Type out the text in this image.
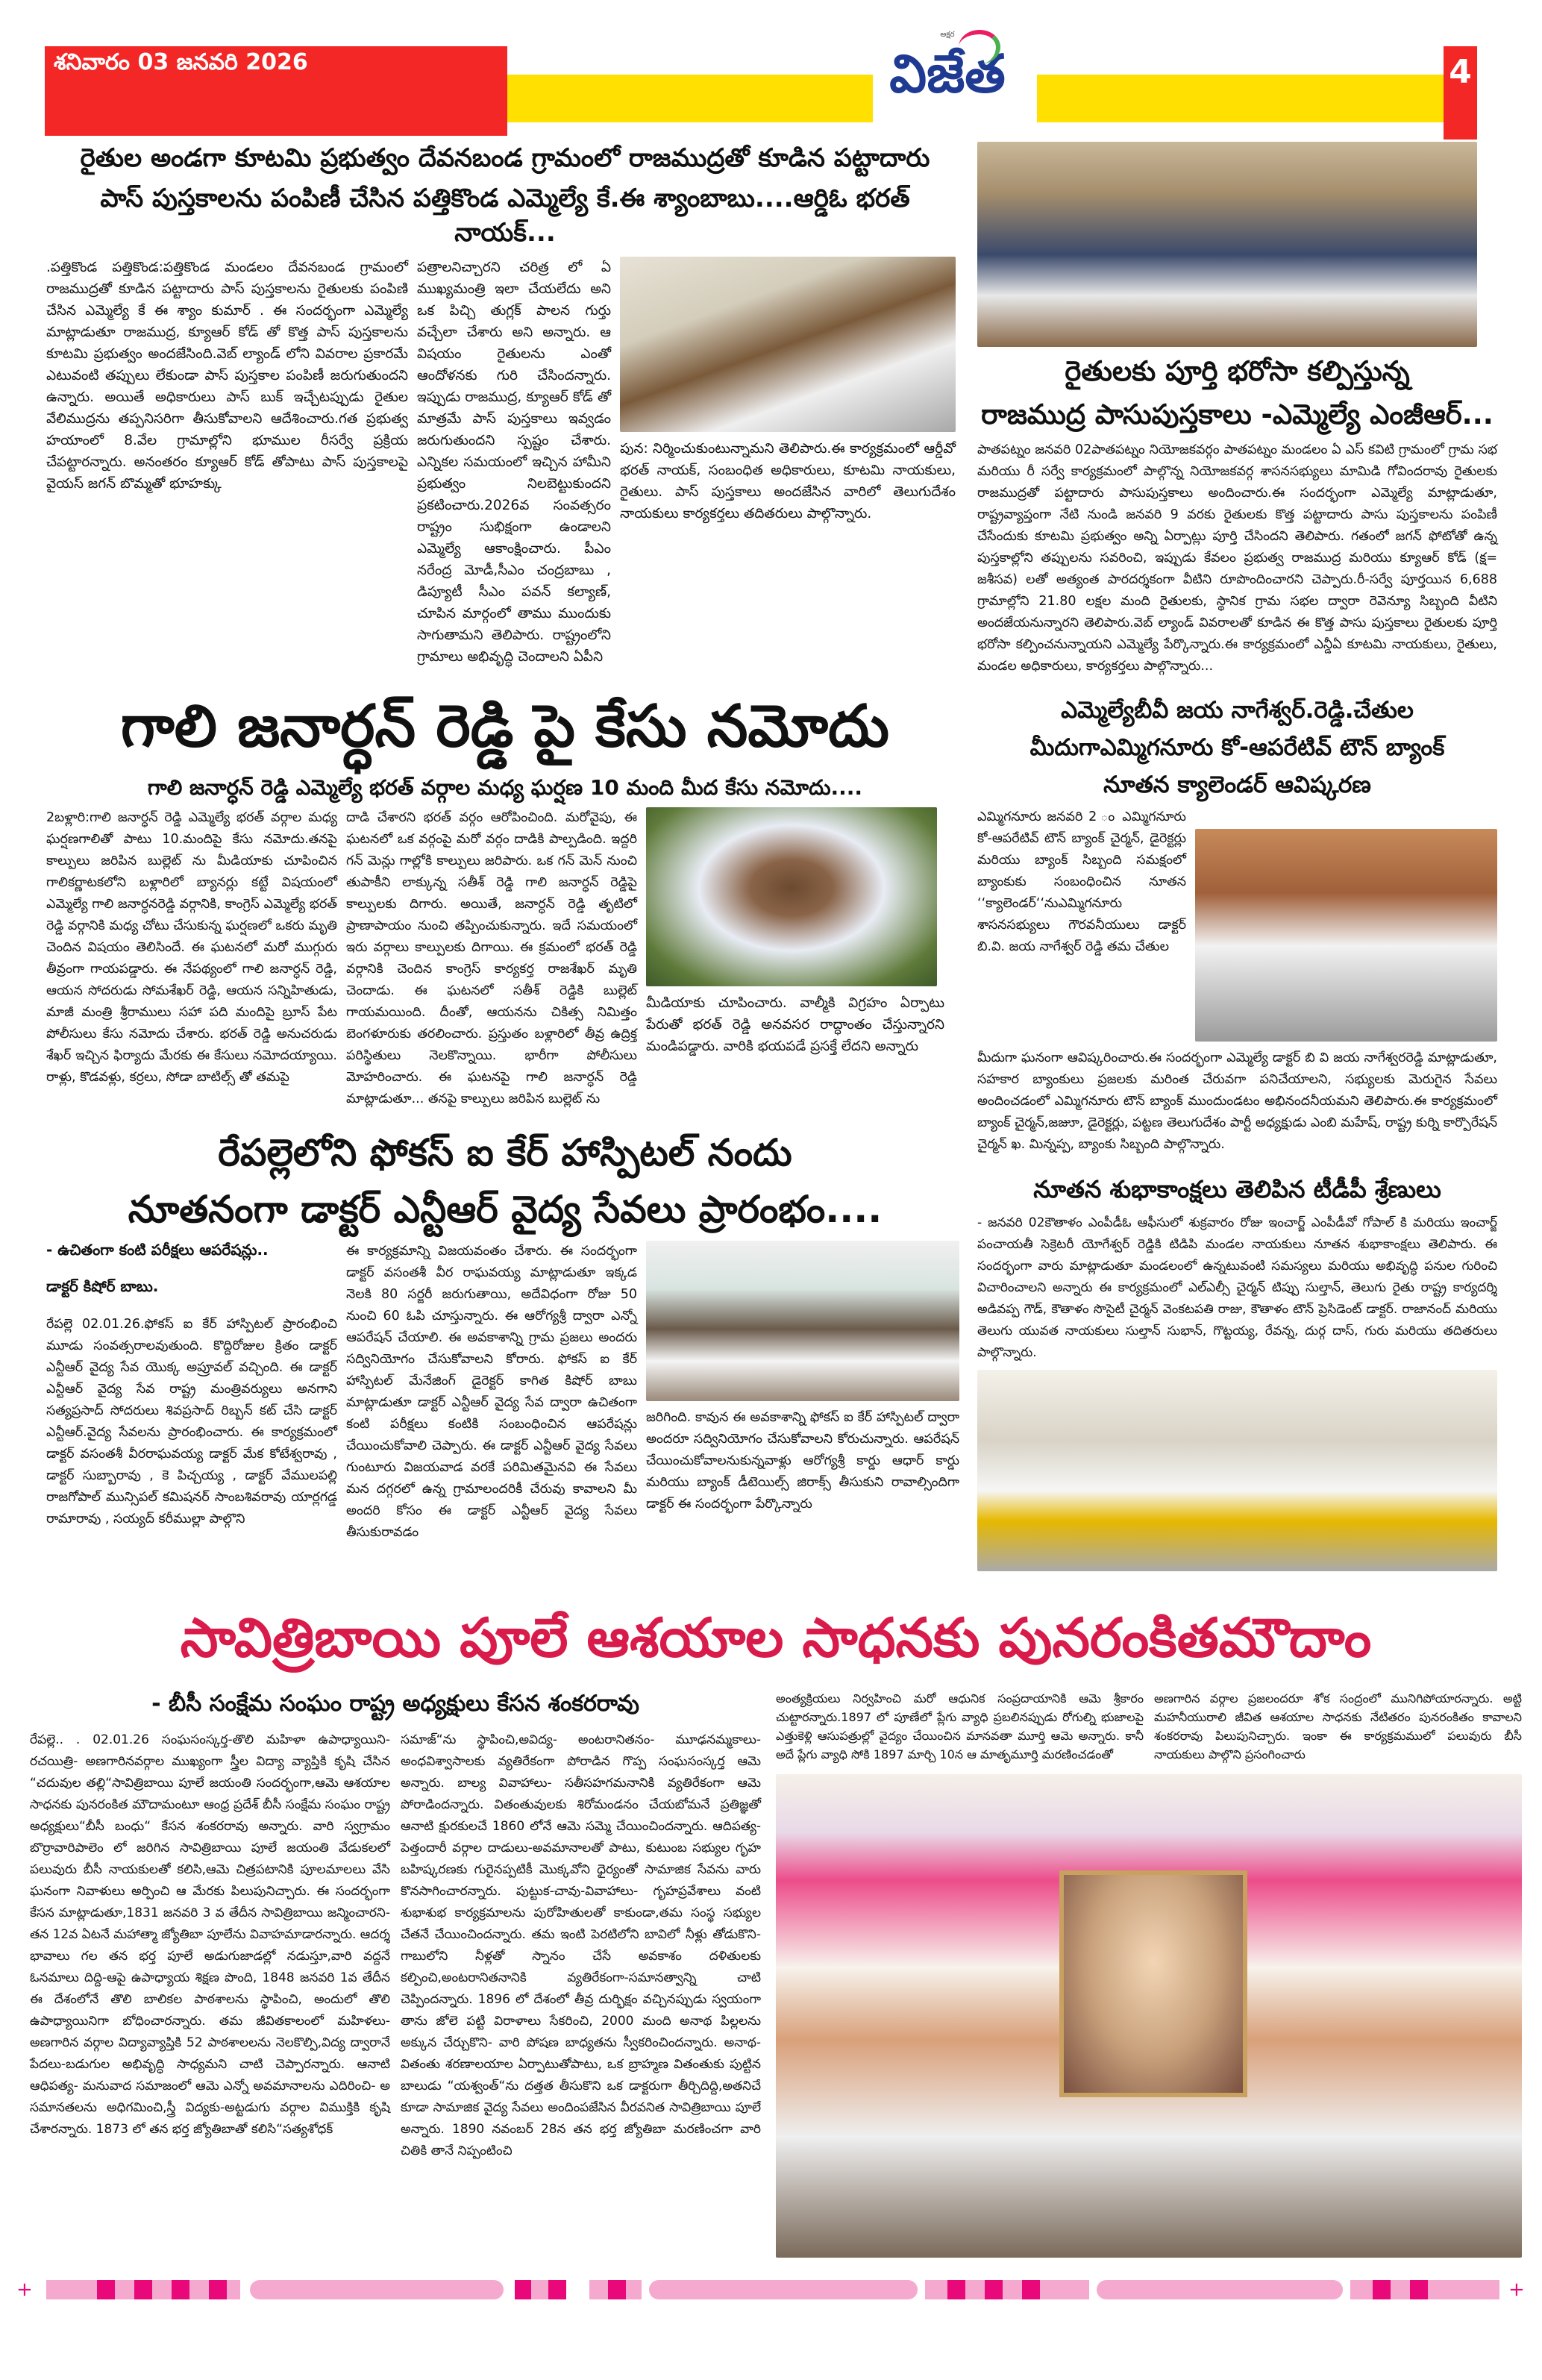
శనివారం 03 జనవరి 2026
అక్షర
విజేత	4
రైతుల అండగా కూటమి ప్రభుత్వం దేవనబండ గ్రామంలో రాజముద్రతో కూడిన పట్టాదారు
పాస్ పుస్తకాలను పంపిణీ చేసిన పత్తికొండ ఎమ్మెల్యే కే.ఈ శ్యాంబాబు....ఆర్డిఓ భరత్ నాయక్...
.పత్తికొండ పత్తికొండ:పత్తికొండ మండలం దేవనబండ గ్రామంలో రాజముద్రతో కూడిన పట్టాదారు పాస్ పుస్తకాలను రైతులకు పంపిణి చేసిన ఎమ్మెల్యే కే ఈ శ్యాం కుమార్ . ఈ సందర్భంగా ఎమ్మెల్యే మాట్లాడుతూ రాజముద్ర, క్యూఆర్ కోడ్ తో కొత్త పాస్ పుస్తకాలను కూటమి ప్రభుత్వం అందజేసింది.వెబ్ ల్యాండ్ లోని వివరాల ప్రకారమే ఎటువంటి తప్పులు లేకుండా పాస్ పుస్తకాల పంపిణీ జరుగుతుందని ఉన్నారు. అయితే అధికారులు పాస్ బుక్ ఇచ్చేటప్పుడు రైతుల వేలిముద్రను తప్పనిసరిగా తీసుకోవాలని ఆదేశించారు.గత ప్రభుత్వ హయాంలో 8.వేల గ్రామాల్లోని భూముల రీసర్వే ప్రక్రియ చేపట్టారన్నారు. అనంతరం క్యూఆర్ కోడ్ తోపాటు పాస్ పుస్తకాలపై వైయస్ జగన్ బొమ్మతో భూహక్కు
పత్రాలనిచ్చారని చరిత్ర లో ఏ ముఖ్యమంత్రి ఇలా చేయలేదు అని ఒక పిచ్చి తుగ్లక్ పాలన గుర్తు వచ్చేలా చేశారు అని అన్నారు. ఆ విషయం రైతులను ఎంతో ఆందోళనకు గురి చేసిందన్నారు. ఇప్పుడు రాజముద్ర, క్యూఆర్ కోడ్ తో మాత్రమే పాస్ పుస్తకాలు ఇవ్వడం జరుగుతుందని స్పష్టం చేశారు. ఎన్నికల సమయంలో ఇచ్చిన హామీని ప్రభుత్వం నిలబెట్టుకుందని ప్రకటించారు.2026వ సంవత్సరం రాష్ట్రం సుభిక్షంగా ఉండాలని ఎమ్మెల్యే ఆకాంక్షించారు. పీఎం నరేంద్ర మోడీ,సీఎం చంద్రబాబు , డిప్యూటీ సీఎం పవన్ కల్యాణ్, చూపిన మార్గంలో తాము ముందుకు సాగుతామని తెలిపారు. రాష్ట్రంలోని గ్రామాలు అభివృద్ధి చెందాలని ఏపీని
పున: నిర్మించుకుంటున్నామని తెలిపారు.ఈ కార్యక్రమంలో ఆర్డీవో భరత్ నాయక్, సంబంధిత అధికారులు, కూటమి నాయకులు, రైతులు. పాస్ పుస్తకాలు అందజేసిన వారిలో తెలుగుదేశం నాయకులు కార్యకర్తలు తదితరులు పాల్గొన్నారు.
గాలి జనార్ధన్ రెడ్డి పై కేసు నమోదు
గాలి జనార్ధన్ రెడ్డి ఎమ్మెల్యే భరత్ వర్గాల మధ్య ఘర్షణ 10 మంది మీద కేసు నమోదు....
2బళ్లారి:గాలి జనార్ధన్ రెడ్డి ఎమ్మెల్యే భరత్ వర్గాల మధ్య ఘర్షణగాలితో పాటు 10.మందిపై కేసు నమోదు.తనపై కాల్పులు జరిపిన బుల్లెట్ ను మీడియాకు చూపించిన గాలికర్ణాటకలోని బళ్లారిలో బ్యానర్లు కట్టే విషయంలో ఎమ్మెల్యే గాలి జనార్ధనరెడ్డి వర్గానికి, కాంగ్రెస్ ఎమ్మెల్యే భరత్ రెడ్డి వర్గానికి మధ్య చోటు చేసుకున్న ఘర్షణలో ఒకరు మృతి చెందిన విషయం తెలిసిందే. ఈ ఘటనలో మరో ముగ్గురు తీవ్రంగా గాయపడ్డారు. ఈ నేపథ్యంలో గాలి జనార్ధన్ రెడ్డి, ఆయన సోదరుడు సోమశేఖర్ రెడ్డి, ఆయన సన్నిహితుడు, మాజీ మంత్రి శ్రీరాములు సహా పది మందిపై బ్రూస్ పేట పోలీసులు కేసు నమోదు చేశారు. భరత్ రెడ్డి అనుచరుడు శేఖర్ ఇచ్చిన ఫిర్యాదు మేరకు ఈ కేసులు నమోదయ్యాయి. రాళ్లు, కొడవళ్లు, కర్రలు, సోడా బాటిల్స్ తో తమపై
దాడి చేశారని భరత్ వర్గం ఆరోపించింది. మరోవైపు, ఈ ఘటనలో ఒక వర్గంపై మరో వర్గం దాడికి పాల్పడింది. ఇద్దరి గన్ మెన్లు గాల్లోకి కాల్పులు జరిపారు. ఒక గన్ మెన్ నుంచి తుపాకీని లాక్కున్న సతీశ్ రెడ్డి గాలి జనార్ధన్ రెడ్డిపై కాల్పులకు దిగారు. అయితే, జనార్ధన్ రెడ్డి తృటిలో ప్రాణాపాయం నుంచి తప్పించుకున్నారు. ఇదే సమయంలో ఇరు వర్గాలు కాల్పులకు దిగాయి. ఈ క్రమంలో భరత్ రెడ్డి వర్గానికి చెందిన కాంగ్రెస్ కార్యకర్త రాజశేఖర్ మృతి చెందాడు. ఈ ఘటనలో సతీశ్ రెడ్డికి బుల్లెట్ గాయమయింది. దీంతో, ఆయనను చికిత్స నిమిత్తం బెంగళూరుకు తరలించారు. ప్రస్తుతం బళ్లారిలో తీవ్ర ఉద్రిక్త పరిస్థితులు నెలకొన్నాయి. భారీగా పోలీసులు మోహరించారు. ఈ ఘటనపై గాలి జనార్ధన్ రెడ్డి మాట్లాడుతూ... తనపై కాల్పులు జరిపిన బుల్లెట్ ను
మీడియాకు చూపించారు. వాల్మీకి విగ్రహం ఏర్పాటు పేరుతో భరత్ రెడ్డి అనవసర రాద్ధాంతం చేస్తున్నారని మండిపడ్డారు. వారికి భయపడే ప్రసక్తే లేదని అన్నారు
రేపల్లెలోని ఫోకస్ ఐ కేర్ హాస్పిటల్ నందు
నూతనంగా డాక్టర్ ఎన్టీఆర్ వైద్య సేవలు ప్రారంభం....
- ఉచితంగా కంటి పరీక్షలు ఆపరేషన్లు..
డాక్టర్ కిషోర్ బాబు.
రేపల్లె 02.01.26.ఫోకస్ ఐ కేర్ హాస్పిటల్ ప్రారంభించి మూడు సంవత్సరాలవుతుంది. కొద్దిరోజుల క్రితం డాక్టర్ ఎన్టీఆర్ వైద్య సేవ యొక్క అప్రూవల్ వచ్చింది. ఈ డాక్టర్ ఎన్టీఆర్ వైద్య సేవ రాష్ట్ర మంత్రివర్యులు అనగాని సత్యప్రసాద్ సోదరులు శివప్రసాద్ రిబ్బన్ కట్ చేసి డాక్టర్ ఎన్టీఆర్.వైద్య సేవలను ప్రారంభించారు. ఈ కార్యక్రమంలో డాక్టర్ వసంతశీ వీరరాఘవయ్య డాక్టర్ మేక కోటేశ్వరావు , డాక్టర్ సుబ్బారావు , కె పిచ్చయ్య , డాక్టర్ వేములపల్లి రాజగోపాల్ మున్సిపల్ కమిషనర్ సాంబశివరావు యార్లగడ్డ రామారావు , సయ్యద్ కరీముల్లా పాల్గొని
ఈ కార్యక్రమాన్ని విజయవంతం చేశారు. ఈ సందర్భంగా డాక్టర్ వసంతశీ వీర రాఘవయ్య మాట్లాడుతూ ఇక్కడ నెలకి 80 సర్జరీ జరుగుతాయి, అదేవిధంగా రోజు 50 నుంచి 60 ఓపి చూస్తున్నారు. ఈ ఆరోగ్యశ్రీ ద్వారా ఎన్నో ఆపరేషన్ చేయాలి. ఈ అవకాశాన్ని గ్రామ ప్రజలు అందరు సద్వినియోగం చేసుకోవాలని కోరారు. ఫోకస్ ఐ కేర్ హాస్పిటల్ మేనేజింగ్ డైరెక్టర్ కాగిత కిషోర్ బాబు మాట్లాడుతూ డాక్టర్ ఎన్టీఆర్ వైద్య సేవ ద్వారా ఉచితంగా కంటి పరీక్షలు కంటికి సంబంధించిన ఆపరేషన్లు చేయించుకోవాలి చెప్పారు. ఈ డాక్టర్ ఎన్టీఆర్ వైద్య సేవలు గుంటూరు విజయవాడ వరకే పరిమితమైనవి ఈ సేవలు మన దగ్గరలో ఉన్న గ్రామాలందరికీ చేరువు కావాలని మీ అందరి కోసం ఈ డాక్టర్ ఎన్టీఆర్ వైద్య సేవలు తీసుకురావడం
జరిగింది. కావున ఈ అవకాశాన్ని ఫోకస్ ఐ కేర్ హాస్పిటల్ ద్వారా అందరూ సద్వినియోగం చేసుకోవాలని కోరుచున్నారు. ఆపరేషన్ చేయించుకోవాలనుకున్నవాళ్లు ఆరోగ్యశ్రీ కార్డు ఆధార్ కార్డు మరియు బ్యాంక్ డీటెయిల్స్ జిరాక్స్ తీసుకుని రావాల్సిందిగా డాక్టర్ ఈ సందర్భంగా పేర్కొన్నారు
రైతులకు పూర్తి భరోసా కల్పిస్తున్న
రాజముద్ర పాసుపుస్తకాలు -ఎమ్మెల్యే ఎంజీఆర్...
పాతపట్నం జనవరి 02పాతపట్నం నియోజకవర్గం పాతపట్నం మండలం ఏ ఎస్ కవిటి గ్రామంలో గ్రామ సభ మరియు రీ సర్వే కార్యక్రమంలో పాల్గొన్న నియోజకవర్గ శాసనసభ్యులు మామిడి గోవిందరావు రైతులకు రాజముద్రతో పట్టాదారు పాసుపుస్తకాలు అందించారు.ఈ సందర్భంగా ఎమ్మెల్యే మాట్లాడుతూ, రాష్ట్రవ్యాప్తంగా నేటి నుండి జనవరి 9 వరకు రైతులకు కొత్త పట్టాదారు పాసు పుస్తకాలను పంపిణీ చేసేందుకు కూటమి ప్రభుత్వం అన్ని ఏర్పాట్లు పూర్తి చేసిందని తెలిపారు. గతంలో జగన్ ఫోటోతో ఉన్న పుస్తకాల్లోని తప్పులను సవరించి, ఇప్పుడు కేవలం ప్రభుత్వ రాజముద్ర మరియు క్యూఆర్ కోడ్ (క్ష= జశీసవ) లతో అత్యంత పారదర్శకంగా వీటిని రూపొందించారని చెప్పారు.రీ-సర్వే పూర్తయిన 6,688 గ్రామాల్లోని 21.80 లక్షల మంది రైతులకు, స్థానిక గ్రామ సభల ద్వారా రెవెన్యూ సిబ్బంది వీటిని అందజేయనున్నారని తెలిపారు.వెబ్ ల్యాండ్ వివరాలతో కూడిన ఈ కొత్త పాసు పుస్తకాలు రైతులకు పూర్తి భరోసా కల్పించనున్నాయని ఎమ్మెల్యే పేర్కొన్నారు.ఈ కార్యక్రమంలో ఎన్డీఏ కూటమి నాయకులు, రైతులు, మండల అధికారులు, కార్యకర్తలు పాల్గొన్నారు...
ఎమ్మెల్యేబీవీ జయ నాగేశ్వర్.రెడ్డి.చేతుల
మీదుగాఎమ్మిగనూరు కో-ఆపరేటివ్ టౌన్ బ్యాంక్
నూతన క్యాలెండర్ ఆవిష్కరణ
ఎమ్మిగనూరు జనవరి 2 ం ఎమ్మిగనూరు కో-ఆపరేటివ్ టౌన్ బ్యాంక్ చైర్మన్, డైరెక్టర్లు మరియు బ్యాంక్ సిబ్బంది సమక్షంలో బ్యాంకుకు సంబంధించిన నూతన ‘‘క్యాలెండర్‘‘నుఎమ్మిగనూరు శాసనసభ్యులు గౌరవనీయులు డాక్టర్ బి.వి. జయ నాగేశ్వర్ రెడ్డి తమ చేతుల
మీదుగా ఘనంగా ఆవిష్కరించారు.ఈ సందర్భంగా ఎమ్మెల్యే డాక్టర్ బి వి జయ నాగేశ్వరరెడ్డి మాట్లాడుతూ, సహకార బ్యాంకులు ప్రజలకు మరింత చేరువగా పనిచేయాలని, సభ్యులకు మెరుగైన సేవలు అందించడంలో ఎమ్మిగనూరు టౌన్ బ్యాంక్ ముందుండటం అభినందనీయమని తెలిపారు.ఈ కార్యక్రమంలో బ్యాంక్ చైర్మన్,జజుూ, డైరెక్టర్లు, పట్టణ తెలుగుదేశం పార్టీ అధ్యక్షుడు ఎంబి మహేష్, రాష్ట్ర కుర్ని కార్పొరేషన్ చైర్మన్ ఖ. మిన్నప్ప, బ్యాంకు సిబ్బంది పాల్గొన్నారు.
నూతన శుభాకాంక్షలు తెలిపిన టీడీపీ శ్రేణులు
- జనవరి 02కౌతాళం ఎంపీడీఓ ఆఫీసులో శుక్రవారం రోజు ఇంచార్జ్ ఎంపీడీవో గోపాల్ కి మరియు ఇంచార్జ్ పంచాయతీ సెక్రెటరీ యోగేశ్వర్ రెడ్డికి టిడిపి మండల నాయకులు నూతన శుభాకాంక్షలు తెలిపారు. ఈ సందర్భంగా వారు మాట్లాడుతూ మండలంలో ఉన్నటువంటి సమస్యలు మరియు అభివృద్ధి పనుల గురించి విచారించాలని అన్నారు ఈ కార్యక్రమంలో ఎల్ఎల్సీ చైర్మన్ టిప్పు సుల్తాన్, తెలుగు రైతు రాష్ట్ర కార్యదర్శి అడివప్ప గౌడ్, కౌతాళం సొసైటీ చైర్మన్ వెంకటపతి రాజు, కౌతాళం టౌన్ ప్రెసిడెంట్ డాక్టర్. రాజానంద్ మరియు తెలుగు యువత నాయకులు సుల్తాన్ సుభాన్, గొట్టయ్య, రేవన్న, దుర్గ దాస్, గురు మరియు తదితరులు పాల్గొన్నారు.
సావిత్రిబాయి పూలే ఆశయాల సాధనకు పునరంకితమౌదాం
- బీసీ సంక్షేమ సంఘం రాష్ట్ర అధ్యక్షులు కేసన శంకరరావు
రేపల్లె.. . 02.01.26 సంఘసంస్కర్త-తొలి మహిళా ఉపాధ్యాయిని-రచయిత్రి- అణగారినవర్గాల ముఖ్యంగా స్త్రీల విద్యా వ్యాప్తికి కృషి చేసిన “చదువుల తల్లి“సావిత్రిబాయి పూలే జయంతి సందర్భంగా,ఆమె ఆశయాల సాధనకు పునరంకిత మౌదామంటూ ఆంధ్ర ప్రదేశ్ బీసీ సంక్షేమ సంఘం రాష్ట్ర అధ్యక్షులు“బీసీ బంధు“ కేసన శంకరరావు అన్నారు. వారి స్వగ్రామం బొర్రావారిపాలెం లో జరిగిన సావిత్రిబాయి పూలే జయంతి వేడుకలలో పలువురు బీసీ నాయకులతో కలిసి,ఆమె చిత్రపటానికి పూలమాలలు వేసి ఘనంగా నివాళులు అర్పించి ఆ మేరకు పిలుపునిచ్చారు. ఈ సందర్భంగా కేసన మాట్లాడుతూ,1831 జనవరి 3 వ తేదీన సావిత్రిబాయి జన్మించారని- తన 12వ ఏటనే మహాత్మా జ్యోతిబా పూలేను వివాహమాడారన్నారు. ఆదర్శ భావాలు గల తన భర్త పూలే అడుగుజాడల్లో నడుస్తూ,వారి వద్దనే ఓనమాలు దిద్ది-ఆపై ఉపాధ్యాయ శిక్షణ పొంది, 1848 జనవరి 1వ తేదీన ఈ దేశంలోనే తొలి బాలికల పాఠశాలను స్థాపించి, అందులో తొలి ఉపాధ్యాయినిగా బోధించారన్నారు. తమ జీవితకాలంలో మహిళలు- అణగారిన వర్గాల విద్యావ్యాప్తికి 52 పాఠశాలలను నెలకొల్పి,విద్య ద్వారానే పేదలు-బడుగుల అభివృద్ధి సాధ్యమని చాటి చెప్పారన్నారు. ఆనాటి ఆధిపత్య- మనువాద సమాజంలో ఆమె ఎన్నో అవమానాలను ఎదిరించి- అ సమానతలను అధిగమించి,స్త్రీ విద్యకు-అట్టడుగు వర్గాల విముక్తికి కృషి చేశారన్నారు. 1873 లో తన భర్త జ్యోతిబాతో కలిసి“సత్యశోధక్
సమాజ్“ను స్థాపించి,అవిద్య- అంటరానితనం- మూఢనమ్మకాలు- అంధవిశ్వాసాలకు వ్యతిరేకంగా పోరాడిన గొప్ప సంఘసంస్కర్త ఆమె అన్నారు. బాల్య వివాహాలు- సతీసహగమనానికి వ్యతిరేకంగా ఆమె పోరాడిందన్నారు. వితంతువులకు శిరోమండనం చేయబోమనే ప్రతిజ్ఞతో ఆనాటి క్షురకులచే 1860 లోనే ఆమె సమ్మె చేయించిందన్నారు. ఆదిపత్య- పెత్తందారీ వర్గాల దాడులు-అవమానాలతో పాటు, కుటుంబ సభ్యుల గృహ బహిష్కరణకు గురైనప్పటికీ మొక్కవోని ధైర్యంతో సామాజిక సేవను వారు కొనసాగించారన్నారు. పుట్టుక-చావు-వివాహాలు- గృహప్రవేశాలు వంటి శుభాశుభ కార్యక్రమాలను పురోహితులతో కాకుండా,తమ సంస్థ సభ్యుల చేతనే చేయించిందన్నారు. తమ ఇంటి పెరటిలోని బావిలో నీళ్లు తోడుకొని-గాబులోని నీళ్లతో స్నానం చేసే అవకాశం దళితులకు కల్పించి,అంటరానితనానికి వ్యతిరేకంగా-సమానత్వాన్ని చాటి చెప్పిందన్నారు. 1896 లో దేశంలో తీవ్ర దుర్భిక్షం వచ్చినప్పుడు స్వయంగా తాను జోలె పట్టి విరాళాలు సేకరించి, 2000 మంది అనాథ పిల్లలను అక్కున చేర్చుకొని- వారి పోషణ బాధ్యతను స్వీకరించిందన్నారు. అనాథ- వితంతు శరణాలయాల ఏర్పాటుతోపాటు, ఒక బ్రాహ్మణ వితంతుకు పుట్టిన బాలుడు “యశ్వంత్“ను దత్తత తీసుకొని ఒక డాక్టరుగా తీర్చిదిద్ది,అతనిచే కూడా సామాజిక వైద్య సేవలు అందింపజేసిన వీరవనిత సావిత్రిబాయి పూలే అన్నారు. 1890 నవంబర్ 28న తన భర్త జ్యోతిబా మరణించగా వారి చితికి తానే నిప్పంటించి
అంత్యక్రియలు నిర్వహించి మరో ఆధునిక సంప్రదాయానికి ఆమె శ్రీకారం చుట్టారన్నారు.1897 లో పూణేలో ప్లేగు వ్యాధి ప్రబలినప్పుడు రోగుల్ని భుజాలపై ఎత్తుకెళ్లి ఆసుపత్రుల్లో వైద్యం చేయించిన మానవతా మూర్తి ఆమె అన్నారు. కానీ అదే ప్లేగు వ్యాధి సోకి 1897 మార్చి 10న ఆ మాతృమూర్తి మరణించడంతో
అణగారిన వర్గాల ప్రజలందరూ శోక సంద్రంలో మునిగిపోయారన్నారు. అట్టి మహనీయురాలి జీవిత ఆశయాల సాధనకు నేటితరం పునరంకితం కావాలని శంకరరావు పిలుపునిచ్చారు. ఇంకా ఈ కార్యక్రమములో పలువురు బీసీ నాయకులు పాల్గొని ప్రసంగించారు
+	+
